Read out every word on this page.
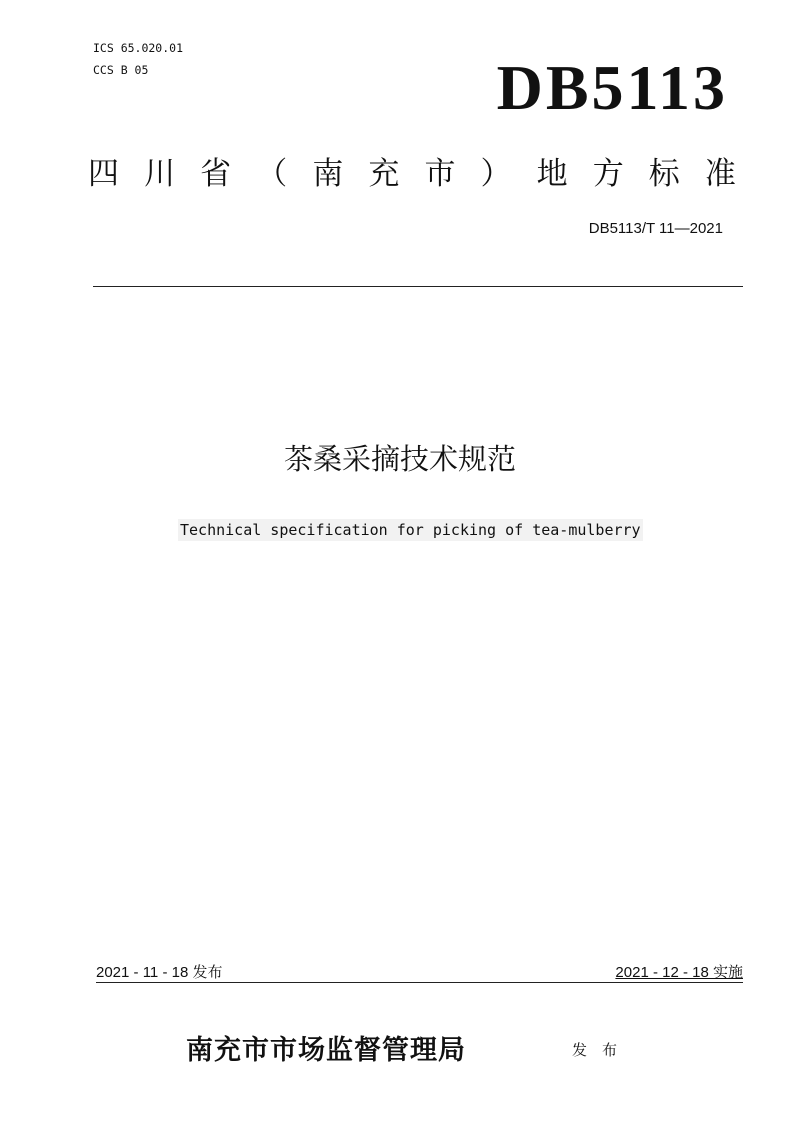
ICS 65.020.01
CCS B 05	DB5113
四 川 省 （ 南 充 市 ） 地 方 标 准
DB5113/T 11—2021
茶桑采摘技术规范
Technical specification for picking of tea-mulberry
2021 - 11 - 18 发布	2021 - 12 - 18 实施
南充市市场监督管理局	发布
